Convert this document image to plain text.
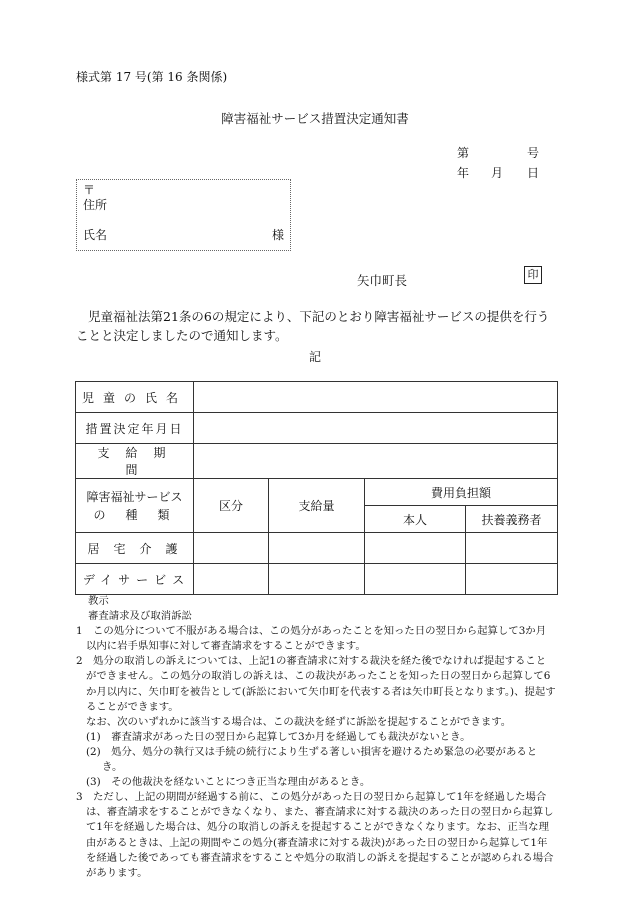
様式第 17 号(第 16 条関係)
障害福祉サービス措置決定通知書
第	号
年 月 日
〒
住所
氏名	様
矢巾町長	印
児童福祉法第21条の6の規定により、下記のとおり障害福祉サービスの提供を行うことと決定しましたので通知します。
記
児童の氏名				

措置決定年月日				
支給期間				

障害福祉サービス
の種類	区分	支給量	費用負担額	
			本人	扶養義務者
居宅介護				
デイサービス				
教示
審査請求及び取消訴訟
1　この処分について不服がある場合は、この処分があったことを知った日の翌日から起算して3か月以内に岩手県知事に対して審査請求をすることができます。
2　処分の取消しの訴えについては、上記1の審査請求に対する裁決を経た後でなければ提起することができません。この処分の取消しの訴えは、この裁決があったことを知った日の翌日から起算して6か月以内に、矢巾町を被告として(訴訟において矢巾町を代表する者は矢巾町長となります。)、提起することができます。
なお、次のいずれかに該当する場合は、この裁決を経ずに訴訟を提起することができます。
(1)　審査請求があった日の翌日から起算して3か月を経過しても裁決がないとき。
(2)　処分、処分の執行又は手続の続行により生ずる著しい損害を避けるため緊急の必要があるとき。
(3)　その他裁決を経ないことにつき正当な理由があるとき。
3　ただし、上記の期間が経過する前に、この処分があった日の翌日から起算して1年を経過した場合は、審査請求をすることができなくなり、また、審査請求に対する裁決のあった日の翌日から起算して1年を経過した場合は、処分の取消しの訴えを提起することができなくなります。なお、正当な理由があるときは、上記の期間やこの処分(審査請求に対する裁決)があった日の翌日から起算して1年を経過した後であっても審査請求をすることや処分の取消しの訴えを提起することが認められる場合があります。
